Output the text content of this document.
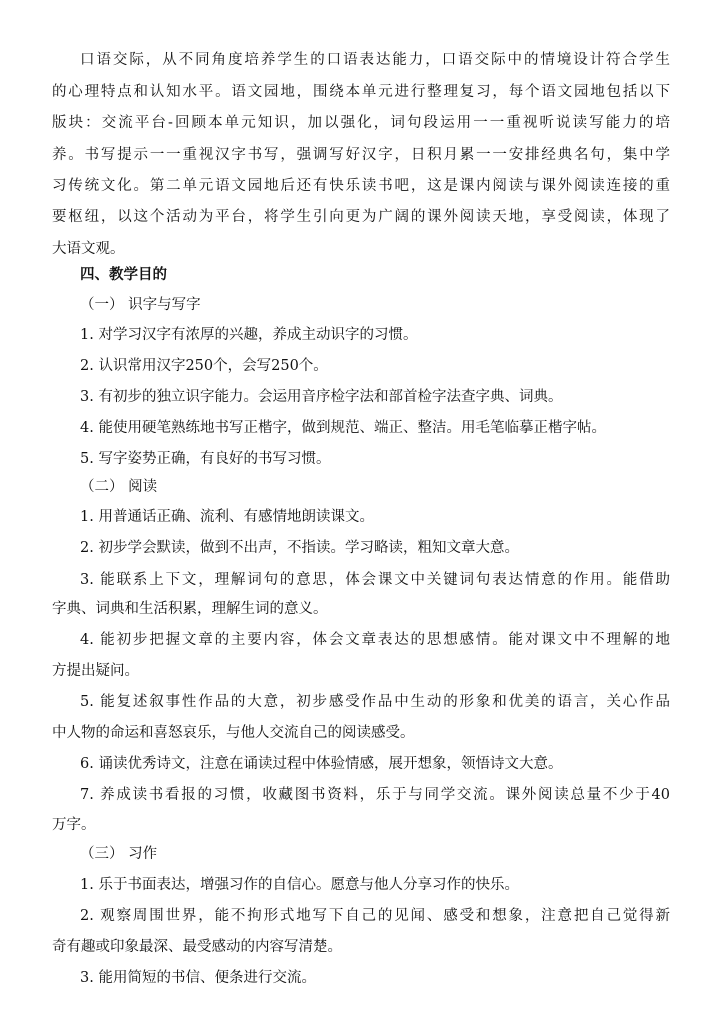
口语交际，从不同角度培养学生的口语表达能力，口语交际中的情境设计符合学生
的心理特点和认知水平。语文园地，围绕本单元进行整理复习，每个语文园地包括以下
版块：交流平台-回顾本单元知识，加以强化，词句段运用一一重视听说读写能力的培
养。书写提示一一重视汉字书写，强调写好汉字，日积月累一一安排经典名句，集中学
习传统文化。第二单元语文园地后还有快乐读书吧，这是课内阅读与课外阅读连接的重
要枢纽，以这个活动为平台，将学生引向更为广阔的课外阅读天地，享受阅读，体现了
大语文观。
四、教学目的
（一） 识字与写字
1. 对学习汉字有浓厚的兴趣，养成主动识字的习惯。
2. 认识常用汉字250个，会写250个。
3. 有初步的独立识字能力。会运用音序检字法和部首检字法查字典、词典。
4. 能使用硬笔熟练地书写正楷字，做到规范、端正、整洁。用毛笔临摹正楷字帖。
5. 写字姿势正确，有良好的书写习惯。
（二） 阅读
1. 用普通话正确、流利、有感情地朗读课文。
2. 初步学会默读，做到不出声，不指读。学习略读，粗知文章大意。
3. 能联系上下文，理解词句的意思，体会课文中关键词句表达情意的作用。能借助
字典、词典和生活积累，理解生词的意义。
4. 能初步把握文章的主要内容，体会文章表达的思想感情。能对课文中不理解的地
方提出疑问。
5. 能复述叙事性作品的大意，初步感受作品中生动的形象和优美的语言，关心作品
中人物的命运和喜怒哀乐，与他人交流自己的阅读感受。
6. 诵读优秀诗文，注意在诵读过程中体验情感，展开想象，领悟诗文大意。
7. 养成读书看报的习惯，收藏图书资料，乐于与同学交流。课外阅读总量不少于40
万字。
（三） 习作
1. 乐于书面表达，增强习作的自信心。愿意与他人分享习作的快乐。
2. 观察周围世界，能不拘形式地写下自己的见闻、感受和想象，注意把自己觉得新
奇有趣或印象最深、最受感动的内容写清楚。
3. 能用简短的书信、便条进行交流。
